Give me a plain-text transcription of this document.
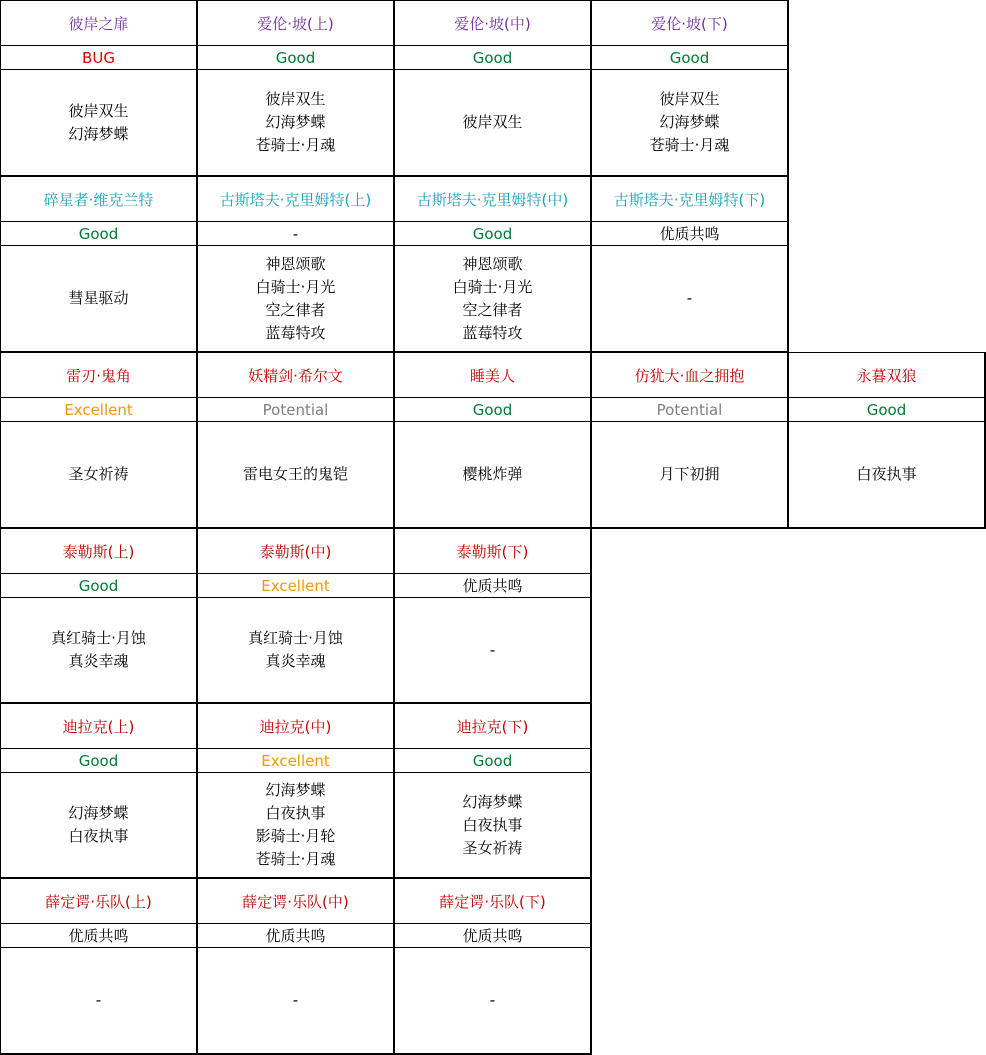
彼岸之扉
BUG
彼岸双生
幻海梦蝶
爱伦·坡(上)
Good
彼岸双生
幻海梦蝶
苍骑士·月魂
爱伦·坡(中)
Good
彼岸双生
爱伦·坡(下)
Good
彼岸双生
幻海梦蝶
苍骑士·月魂
碎星者·维克兰特
Good
彗星驱动
古斯塔夫·克里姆特(上)
-
神恩颂歌
白骑士·月光
空之律者
蓝莓特攻
古斯塔夫·克里姆特(中)
Good
神恩颂歌
白骑士·月光
空之律者
蓝莓特攻
古斯塔夫·克里姆特(下)
优质共鸣
-
雷刃·鬼角
Excellent
圣女祈祷
妖精剑·希尔文
Potential
雷电女王的鬼铠
睡美人
Good
樱桃炸弹
仿犹大·血之拥抱
Potential
月下初拥
永暮双狼
Good
白夜执事
泰勒斯(上)
Good
真红骑士·月蚀
真炎幸魂
泰勒斯(中)
Excellent
真红骑士·月蚀
真炎幸魂
泰勒斯(下)
优质共鸣
-
迪拉克(上)
Good
幻海梦蝶
白夜执事
迪拉克(中)
Excellent
幻海梦蝶
白夜执事
影骑士·月轮
苍骑士·月魂
迪拉克(下)
Good
幻海梦蝶
白夜执事
圣女祈祷
薛定谔·乐队(上)
优质共鸣
-
薛定谔·乐队(中)
优质共鸣
-
薛定谔·乐队(下)
优质共鸣
-
